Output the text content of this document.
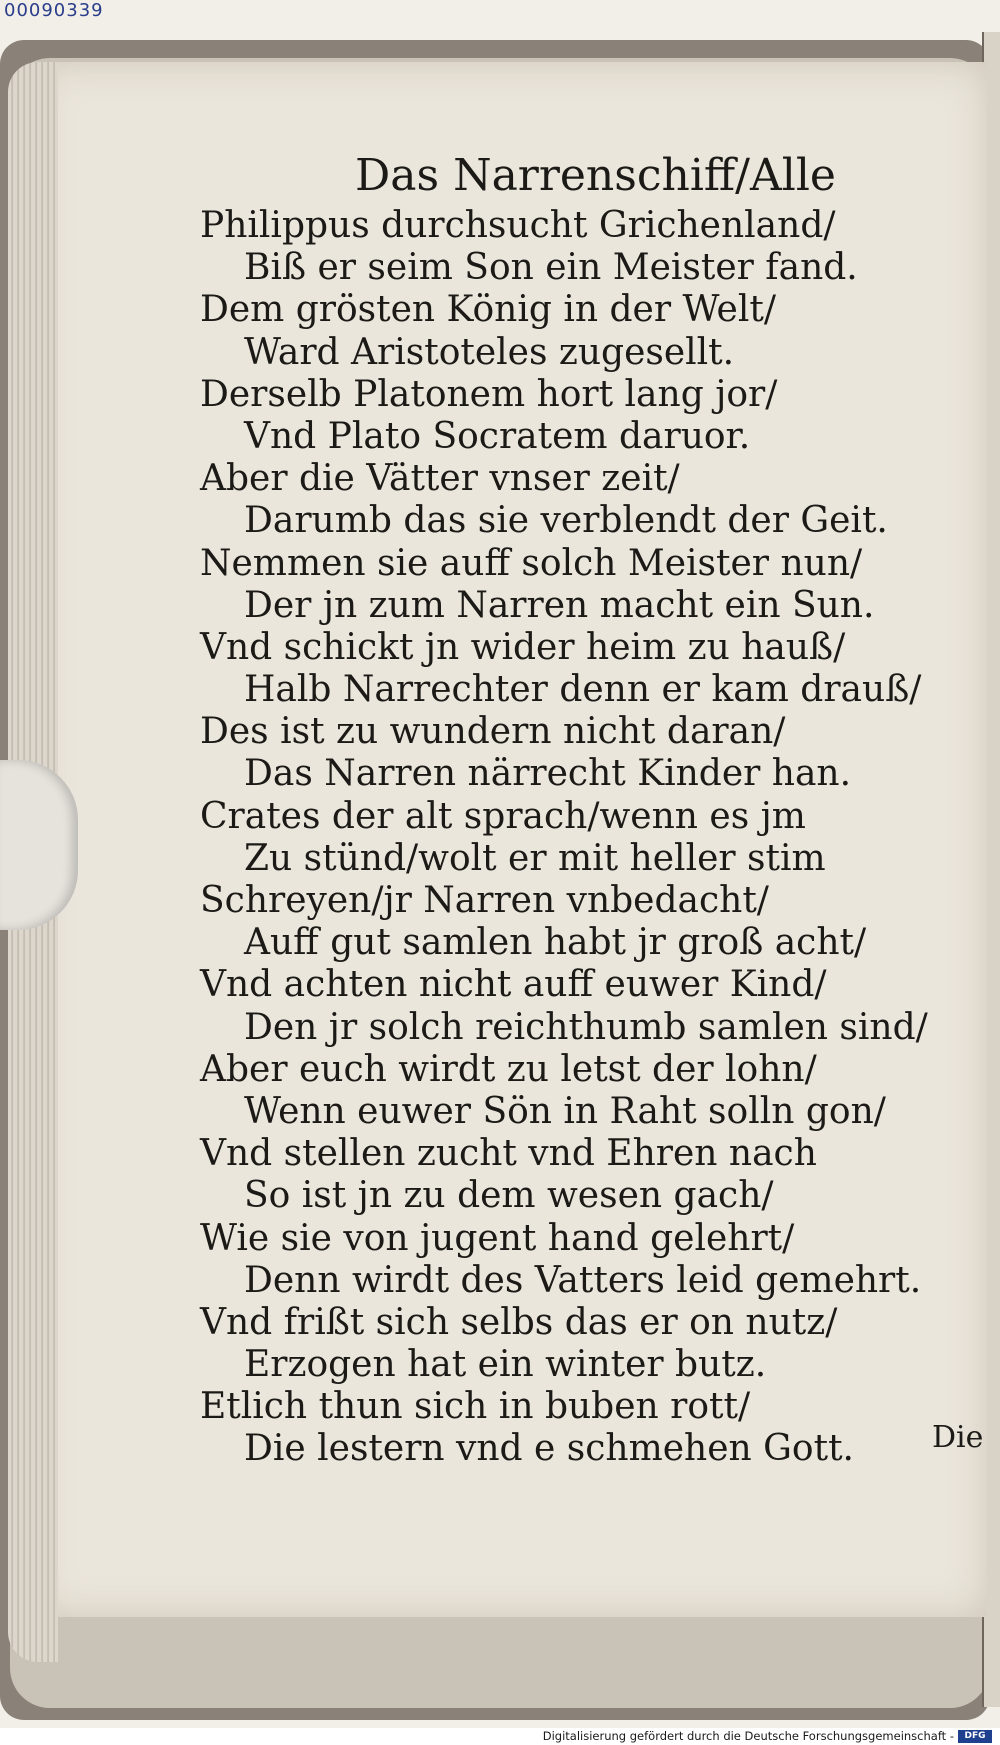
00090339
Das Narrenschiff/Alle
Philippus durchsucht Grichenland/
Biß er seim Son ein Meister fand.
Dem grösten König in der Welt/
Ward Aristoteles zugesellt.
Derselb Platonem hort lang jor/
Vnd Plato Socratem daruor.
Aber die Vätter vnser zeit/
Darumb das sie verblendt der Geit.
Nemmen sie auff solch Meister nun/
Der jn zum Narren macht ein Sun.
Vnd schickt jn wider heim zu hauß/
Halb Narrechter denn er kam drauß/
Des ist zu wundern nicht daran/
Das Narren närrecht Kinder han.
Crates der alt sprach/wenn es jm
Zu stünd/wolt er mit heller stim
Schreyen/jr Narren vnbedacht/
Auff gut samlen habt jr groß acht/
Vnd achten nicht auff euwer Kind/
Den jr solch reichthumb samlen sind/
Aber euch wirdt zu letst der lohn/
Wenn euwer Sön in Raht solln gon/
Vnd stellen zucht vnd Ehren nach
So ist jn zu dem wesen gach/
Wie sie von jugent hand gelehrt/
Denn wirdt des Vatters leid gemehrt.
Vnd frißt sich selbs das er on nutz/
Erzogen hat ein winter butz.
Etlich thun sich in buben rott/
Die lestern vnd e schmehen Gott.	Die
Digitalisierung gefördert durch die Deutsche Forschungsgemeinschaft -	DFG
